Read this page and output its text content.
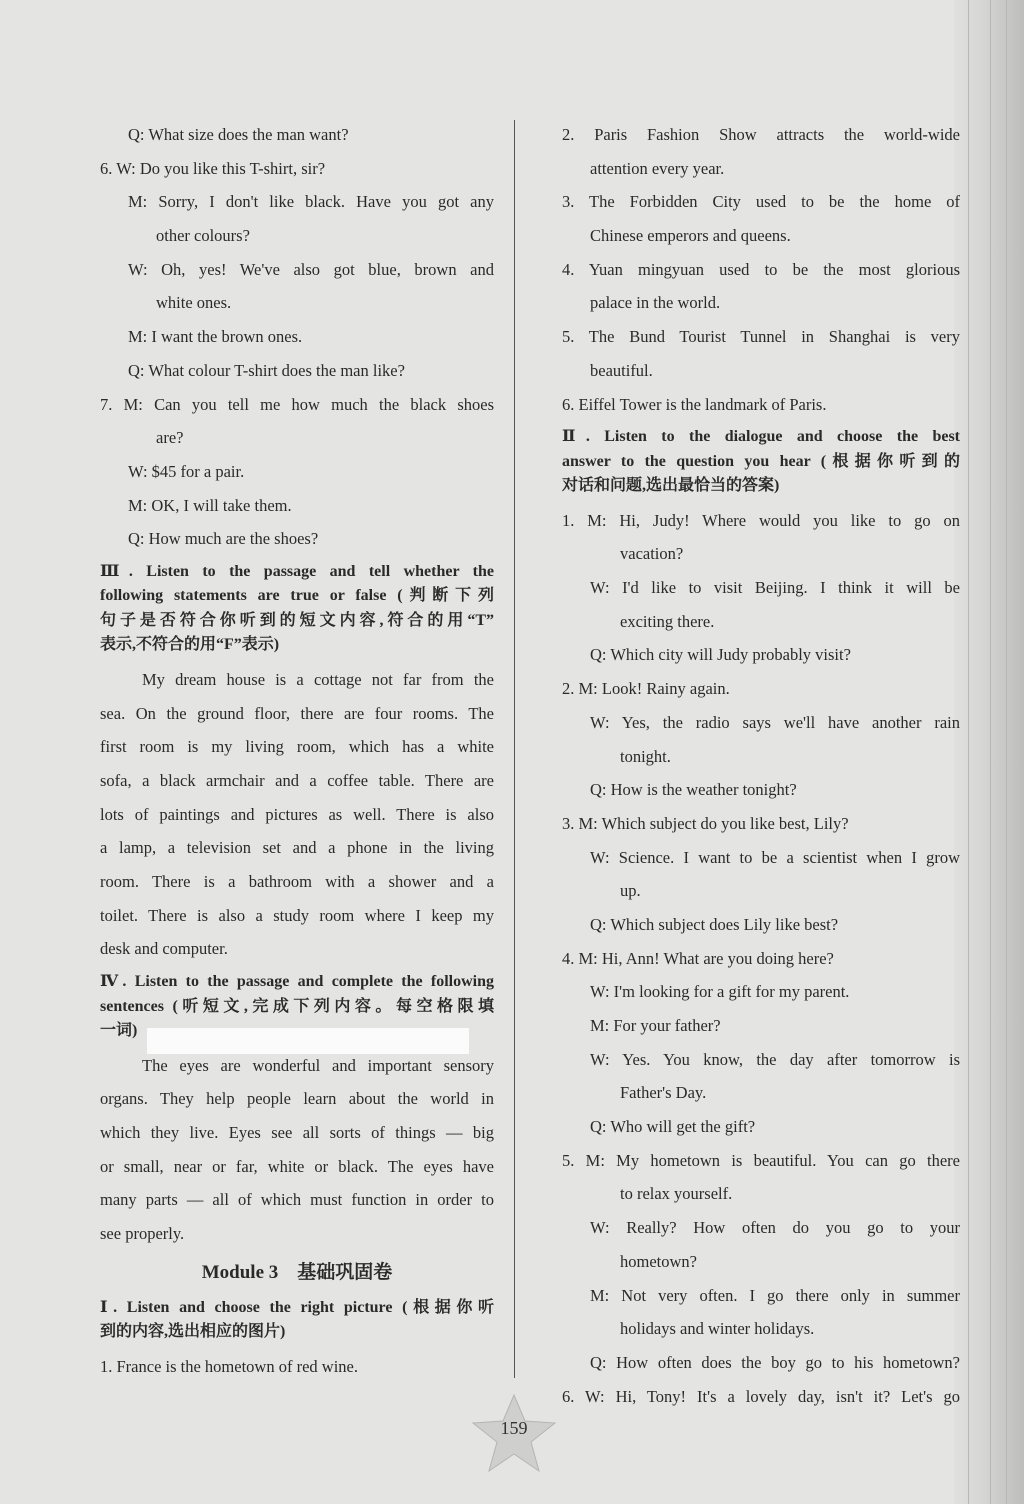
Q: What size does the man want?
6. W: Do you like this T-shirt, sir?
M: Sorry, I don't like black. Have you got any
other colours?
W: Oh, yes! We've also got blue, brown and
white ones.
M: I want the brown ones.
Q: What colour T-shirt does the man like?
7. M: Can you tell me how much the black shoes
are?
W: $45 for a pair.
M: OK, I will take them.
Q: How much are the shoes?
Ⅲ. Listen to the passage and tell whether the
following statements are true or false (判断下列
句子是否符合你听到的短文内容,符合的用“T”
表示,不符合的用“F”表示)
My dream house is a cottage not far from the
sea. On the ground floor, there are four rooms. The
first room is my living room, which has a white
sofa, a black armchair and a coffee table. There are
lots of paintings and pictures as well. There is also
a lamp, a television set and a phone in the living
room. There is a bathroom with a shower and a
toilet. There is also a study room where I keep my
desk and computer.
Ⅳ. Listen to the passage and complete the following
sentences (听短文,完成下列内容。每空格限填
一词)
The eyes are wonderful and important sensory
organs. They help people learn about the world in
which they live. Eyes see all sorts of things — big
or small, near or far, white or black. The eyes have
many parts — all of which must function in order to
see properly.
Module 3　基础巩固卷
Ⅰ. Listen and choose the right picture (根据你听
到的内容,选出相应的图片)
1. France is the hometown of red wine.
2. Paris Fashion Show attracts the world-wide
attention every year.
3. The Forbidden City used to be the home of
Chinese emperors and queens.
4. Yuan mingyuan used to be the most glorious
palace in the world.
5. The Bund Tourist Tunnel in Shanghai is very
beautiful.
6. Eiffel Tower is the landmark of Paris.
Ⅱ. Listen to the dialogue and choose the best
answer to the question you hear (根据你听到的
对话和问题,选出最恰当的答案)
1. M: Hi, Judy! Where would you like to go on
vacation?
W: I'd like to visit Beijing. I think it will be
exciting there.
Q: Which city will Judy probably visit?
2. M: Look! Rainy again.
W: Yes, the radio says we'll have another rain
tonight.
Q: How is the weather tonight?
3. M: Which subject do you like best, Lily?
W: Science. I want to be a scientist when I grow
up.
Q: Which subject does Lily like best?
4. M: Hi, Ann! What are you doing here?
W: I'm looking for a gift for my parent.
M: For your father?
W: Yes. You know, the day after tomorrow is
Father's Day.
Q: Who will get the gift?
5. M: My hometown is beautiful. You can go there
to relax yourself.
W: Really? How often do you go to your
hometown?
M: Not very often. I go there only in summer
holidays and winter holidays.
Q: How often does the boy go to his hometown?
6. W: Hi, Tony! It's a lovely day, isn't it? Let's go
159
